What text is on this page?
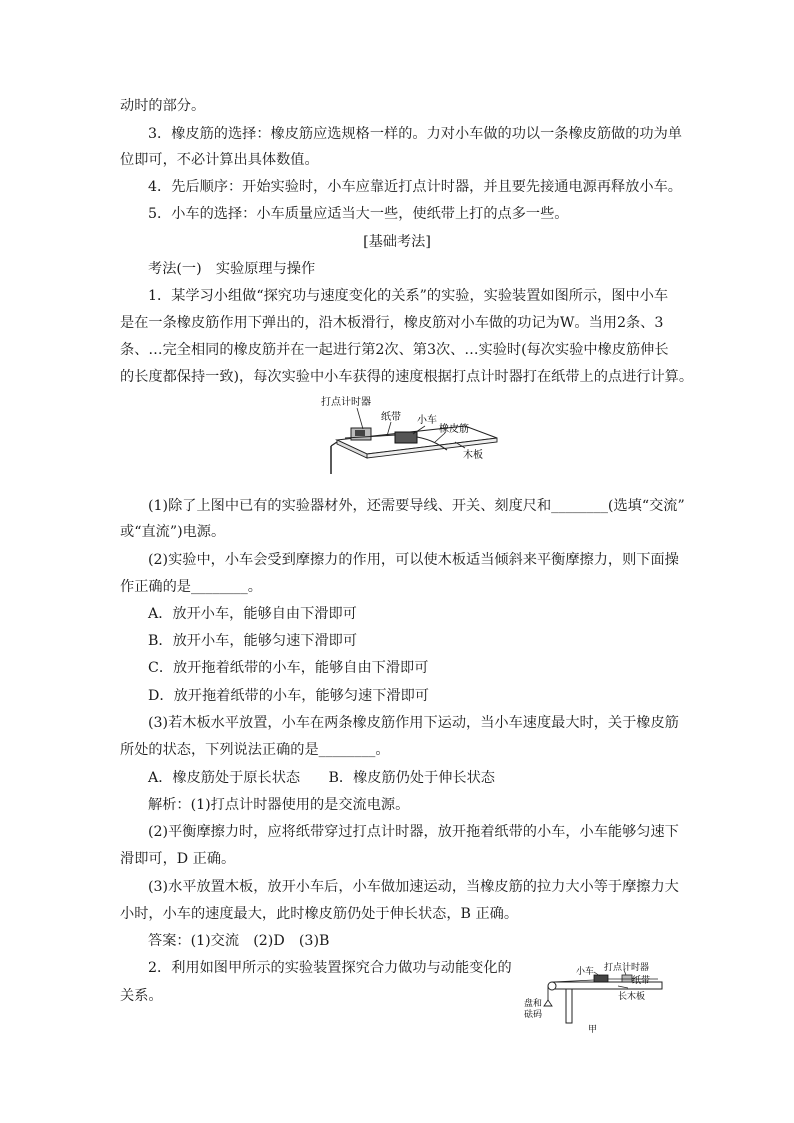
动时的部分。
3．橡皮筋的选择：橡皮筋应选规格一样的。力对小车做的功以一条橡皮筋做的功为单
位即可，不必计算出具体数值。
4．先后顺序：开始实验时，小车应靠近打点计时器，并且要先接通电源再释放小车。
5．小车的选择：小车质量应适当大一些，使纸带上打的点多一些。
[基础考法]
考法(一)　实验原理与操作
1．某学习小组做“探究功与速度变化的关系”的实验，实验装置如图所示，图中小车
是在一条橡皮筋作用下弹出的，沿木板滑行，橡皮筋对小车做的功记为W。当用2条、3
条、…完全相同的橡皮筋并在一起进行第2次、第3次、…实验时(每次实验中橡皮筋伸长
的长度都保持一致)，每次实验中小车获得的速度根据打点计时器打在纸带上的点进行计算。
打点计时器
纸带 小车
橡皮筋
木板
(1)除了上图中已有的实验器材外，还需要导线、开关、刻度尺和________(选填“交流”
或“直流”)电源。
(2)实验中，小车会受到摩擦力的作用，可以使木板适当倾斜来平衡摩擦力，则下面操
作正确的是________。
A．放开小车，能够自由下滑即可
B．放开小车，能够匀速下滑即可
C．放开拖着纸带的小车，能够自由下滑即可
D．放开拖着纸带的小车，能够匀速下滑即可
(3)若木板水平放置，小车在两条橡皮筋作用下运动，当小车速度最大时，关于橡皮筋
所处的状态，下列说法正确的是________。
A．橡皮筋处于原长状态　　B．橡皮筋仍处于伸长状态
解析：(1)打点计时器使用的是交流电源。
(2)平衡摩擦力时，应将纸带穿过打点计时器，放开拖着纸带的小车，小车能够匀速下
滑即可，D 正确。
(3)水平放置木板，放开小车后，小车做加速运动，当橡皮筋的拉力大小等于摩擦力大
小时，小车的速度最大，此时橡皮筋仍处于伸长状态，B 正确。
答案：(1)交流　(2)D　(3)B
2．利用如图甲所示的实验装置探究合力做功与动能变化的
关系。
小车 打点计时器
纸带
长木板
盘和
砝码
甲
